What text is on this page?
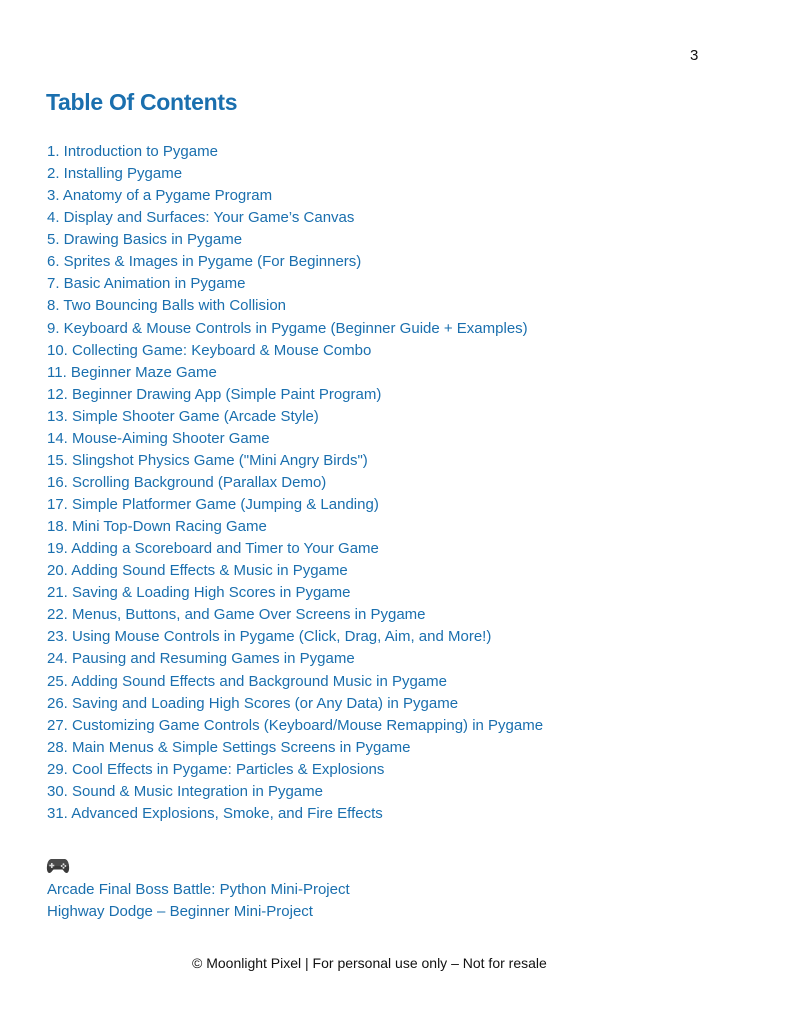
3
Table Of Contents
1. Introduction to Pygame
2. Installing Pygame
3. Anatomy of a Pygame Program
4. Display and Surfaces: Your Game’s Canvas
5. Drawing Basics in Pygame
6. Sprites & Images in Pygame (For Beginners)
7. Basic Animation in Pygame
8. Two Bouncing Balls with Collision
9. Keyboard & Mouse Controls in Pygame (Beginner Guide + Examples)
10. Collecting Game: Keyboard & Mouse Combo
11. Beginner Maze Game
12. Beginner Drawing App (Simple Paint Program)
13. Simple Shooter Game (Arcade Style)
14. Mouse-Aiming Shooter Game
15. Slingshot Physics Game ("Mini Angry Birds")
16. Scrolling Background (Parallax Demo)
17. Simple Platformer Game (Jumping & Landing)
18. Mini Top-Down Racing Game
19. Adding a Scoreboard and Timer to Your Game
20. Adding Sound Effects & Music in Pygame
21. Saving & Loading High Scores in Pygame
22. Menus, Buttons, and Game Over Screens in Pygame
23. Using Mouse Controls in Pygame (Click, Drag, Aim, and More!)
24. Pausing and Resuming Games in Pygame
25. Adding Sound Effects and Background Music in Pygame
26. Saving and Loading High Scores (or Any Data) in Pygame
27. Customizing Game Controls (Keyboard/Mouse Remapping) in Pygame
28. Main Menus & Simple Settings Screens in Pygame
29. Cool Effects in Pygame: Particles & Explosions
30. Sound & Music Integration in Pygame
31. Advanced Explosions, Smoke, and Fire Effects
Arcade Final Boss Battle: Python Mini-Project
Highway Dodge – Beginner Mini-Project
© Moonlight Pixel | For personal use only – Not for resale
